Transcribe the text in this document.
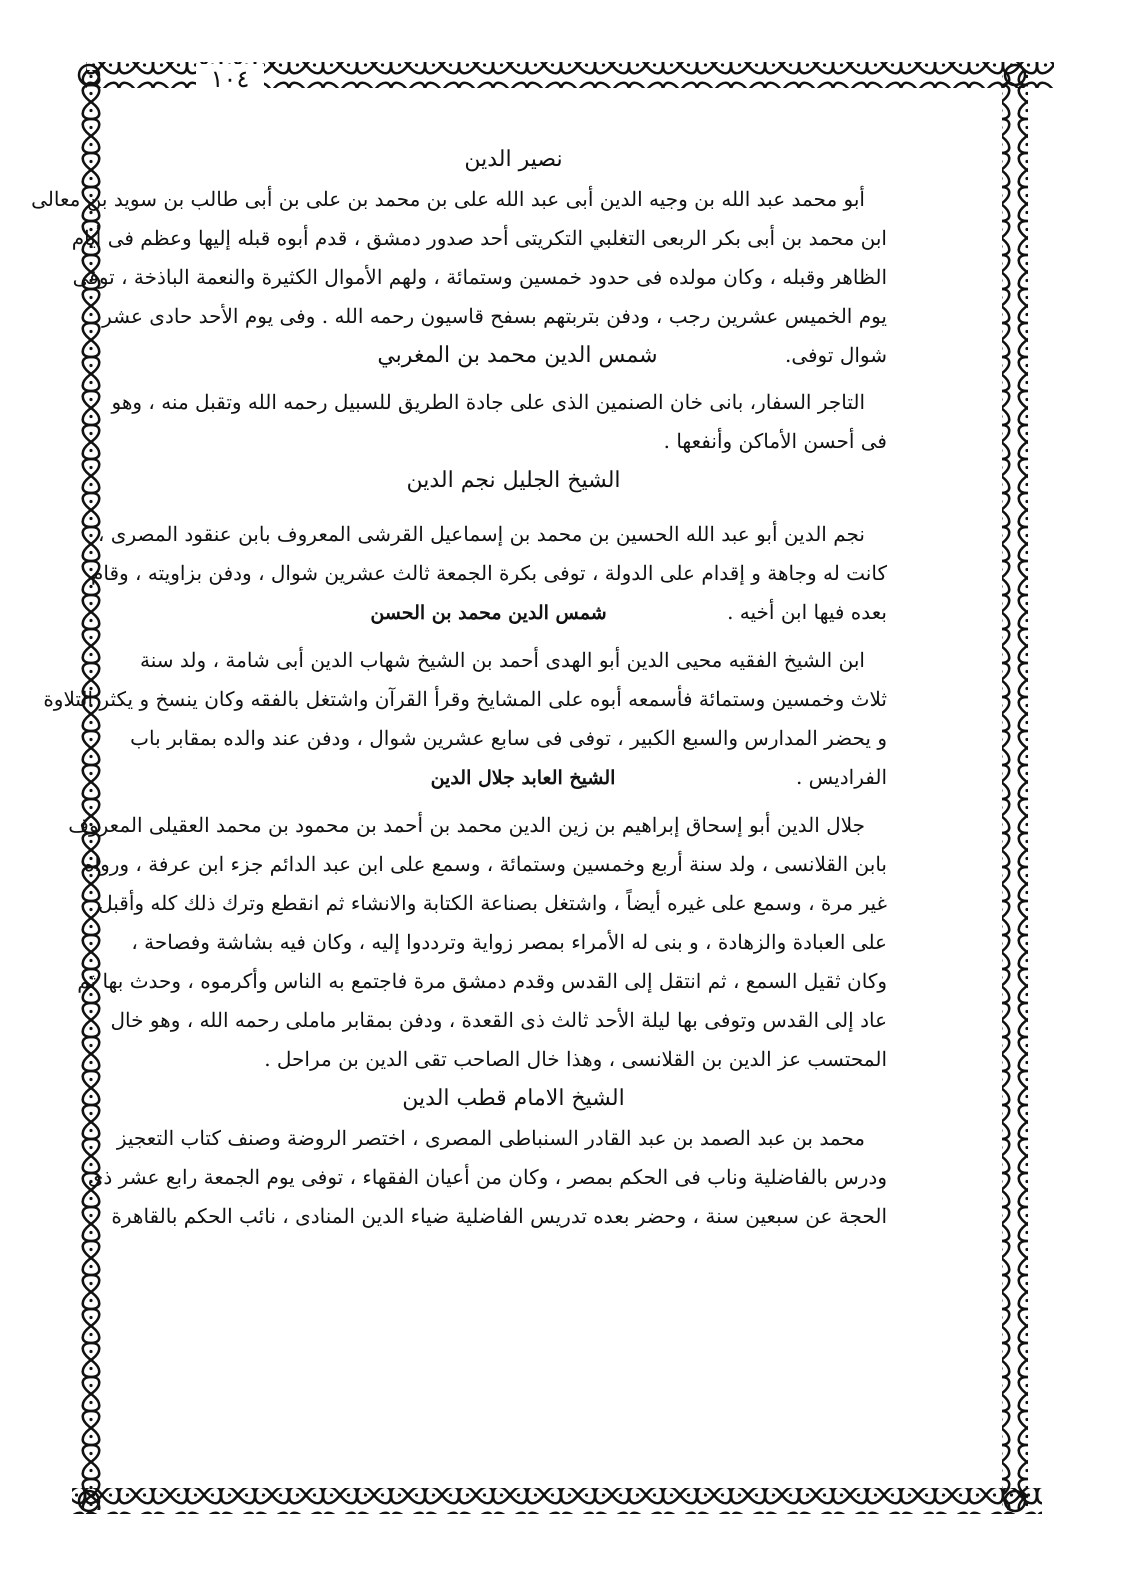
١٠٤
نصير الدين
أبو محمد عبد الله بن وجيه الدين أبى عبد الله على بن محمد بن على بن أبى طالب بن سويد بن معالى
ابن محمد بن أبى بكر الربعى التغلبي التكريتى أحد صدور دمشق ، قدم أبوه قبله إليها وعظم فى أيام
الظاهر وقبله ، وكان مولده فى حدود خمسين وستمائة ، ولهم الأموال الكثيرة والنعمة الباذخة ، توفى
يوم الخميس عشرين رجب ، ودفن بتربتهم بسفح قاسيون رحمه الله . وفى يوم الأحد حادى عشر
شوال توفى.
شمس الدين محمد بن المغربي
التاجر السفار، بانى خان الصنمين الذى على جادة الطريق للسبيل رحمه الله وتقبل منه ، وهو
فى أحسن الأماكن وأنفعها .
الشيخ الجليل نجم الدين
نجم الدين أبو عبد الله الحسين بن محمد بن إسماعيل القرشى المعروف بابن عنقود المصرى ،
كانت له وجاهة و إقدام على الدولة ، توفى بكرة الجمعة ثالث عشرين شوال ، ودفن بزاويته ، وقام
بعده فيها ابن أخيه .
شمس الدين محمد بن الحسن
ابن الشيخ الفقيه محيى الدين أبو الهدى أحمد بن الشيخ شهاب الدين أبى شامة ، ولد سنة
ثلاث وخمسين وستمائة فأسمعه أبوه على المشايخ وقرأ القرآن واشتغل بالفقه وكان ينسخ و يكثر التلاوة
و يحضر المدارس والسبع الكبير ، توفى فى سابع عشرين شوال ، ودفن عند والده بمقابر باب
الفراديس .
الشيخ العابد جلال الدين
جلال الدين أبو إسحاق إبراهيم بن زين الدين محمد بن أحمد بن محمود بن محمد العقيلى المعروف
بابن القلانسى ، ولد سنة أربع وخمسين وستمائة ، وسمع على ابن عبد الدائم جزء ابن عرفة ، ورواه
غير مرة ، وسمع على غيره أيضاً ، واشتغل بصناعة الكتابة والانشاء ثم انقطع وترك ذلك كله وأقبل
على العبادة والزهادة ، و بنى له الأمراء بمصر زواية وترددوا إليه ، وكان فيه بشاشة وفصاحة ،
وكان ثقيل السمع ، ثم انتقل إلى القدس وقدم دمشق مرة فاجتمع به الناس وأكرموه ، وحدث بها ثم
عاد إلى القدس وتوفى بها ليلة الأحد ثالث ذى القعدة ، ودفن بمقابر ماملى رحمه الله ، وهو خال
المحتسب عز الدين بن القلانسى ، وهذا خال الصاحب تقى الدين بن مراحل .
الشيخ الامام قطب الدين
محمد بن عبد الصمد بن عبد القادر السنباطى المصرى ، اختصر الروضة وصنف كتاب التعجيز
ودرس بالفاضلية وناب فى الحكم بمصر ، وكان من أعيان الفقهاء ، توفى يوم الجمعة رابع عشر ذى
الحجة عن سبعين سنة ، وحضر بعده تدريس الفاضلية ضياء الدين المنادى ، نائب الحكم بالقاهرة
